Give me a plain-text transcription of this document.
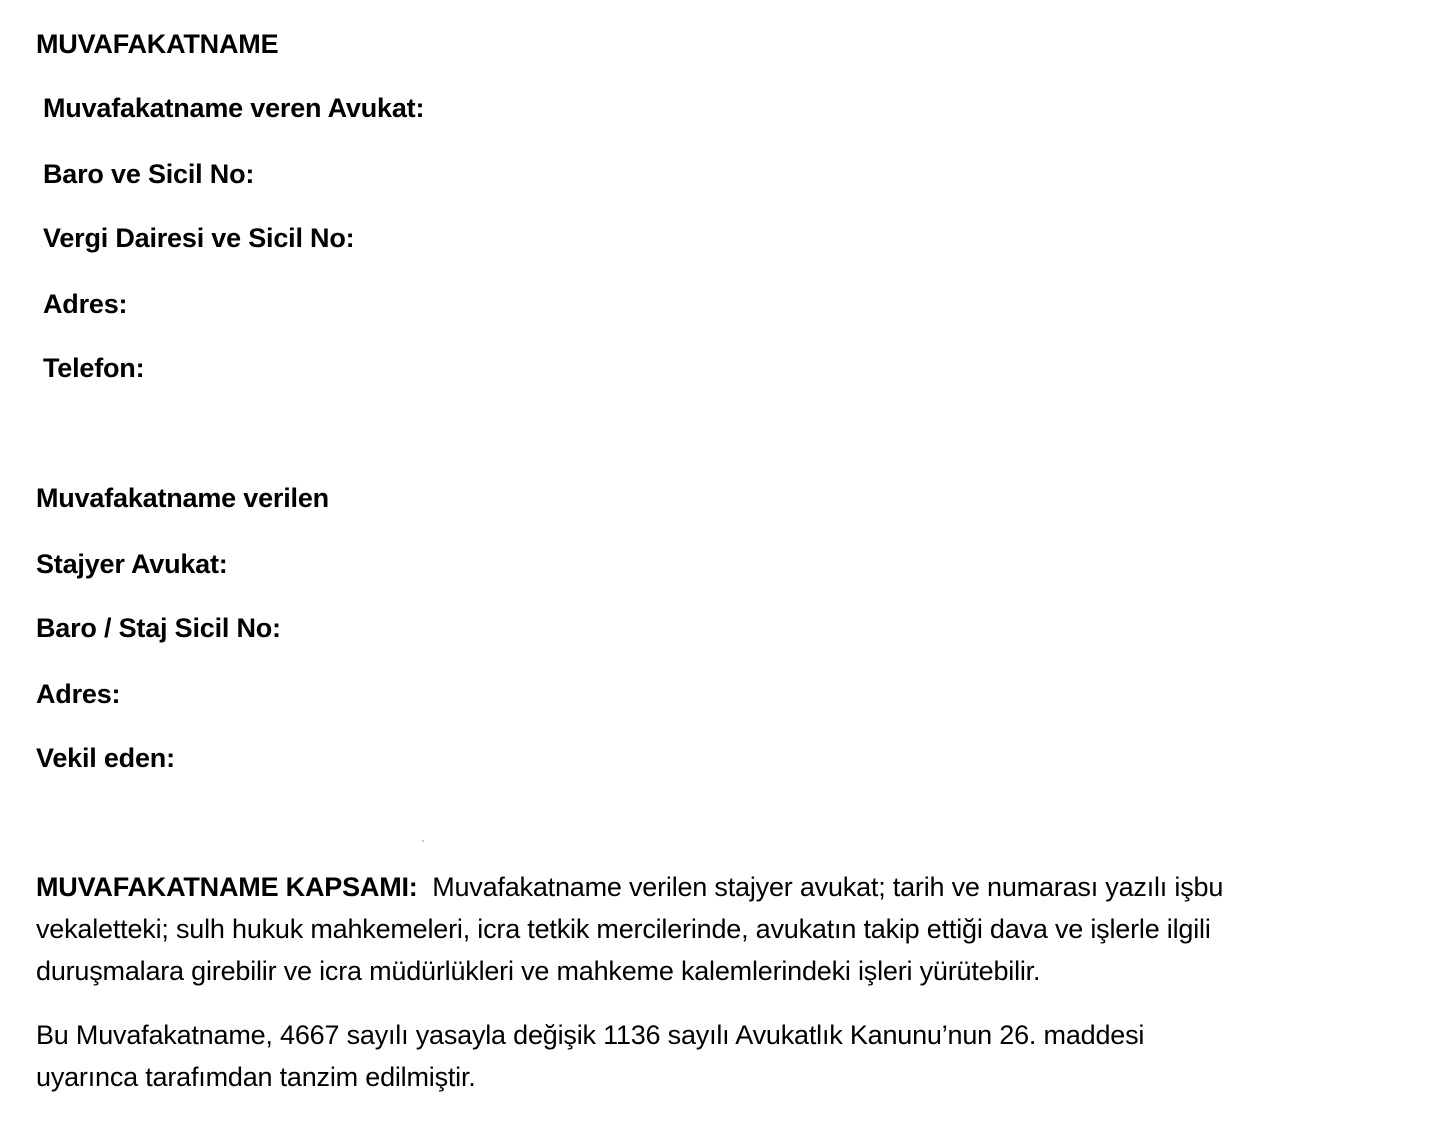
MUVAFAKATNAME
Muvafakatname veren Avukat:
Baro ve Sicil No:
Vergi Dairesi ve Sicil No:
Adres:
Telefon:
Muvafakatname verilen
Stajyer Avukat:
Baro / Staj Sicil No:
Adres:
Vekil eden:
MUVAFAKATNAME KAPSAMI: Muvafakatname verilen stajyer avukat; tarih ve numarası yazılı işbu
vekaletteki; sulh hukuk mahkemeleri, icra tetkik mercilerinde, avukatın takip ettiği dava ve işlerle ilgili
duruşmalara girebilir ve icra müdürlükleri ve mahkeme kalemlerindeki işleri yürütebilir.
Bu Muvafakatname, 4667 sayılı yasayla değişik 1136 sayılı Avukatlık Kanunu’nun 26. maddesi
uyarınca tarafımdan tanzim edilmiştir.
